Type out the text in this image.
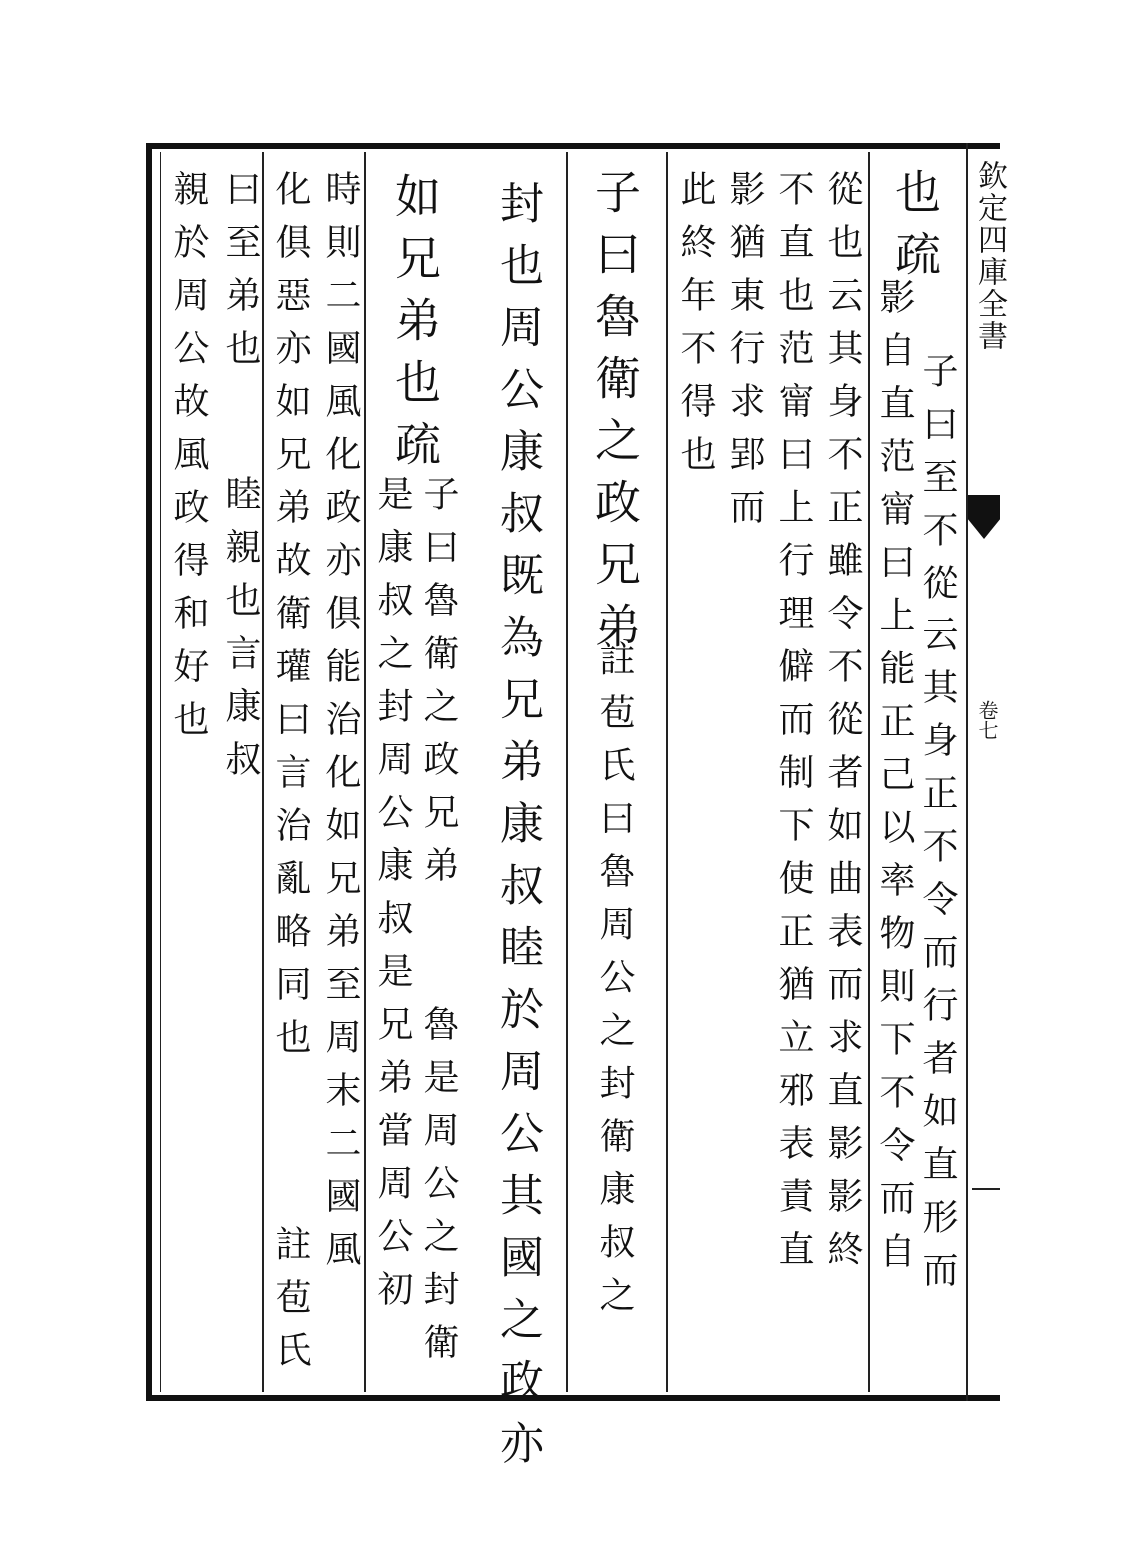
欽定四庫全書
卷七
也疏
子曰至不從
云其身正不令而行者如直形而
影自直范甯曰上能正己以率物則下不令而自
從也云其身不正雖令不從者如曲表而求直影影終
不直也范甯曰上行理僻而制下使正猶立邪表責直
影猶東行求郢而
此終年不得也
子曰魯衛之政兄弟
註苞氏曰魯周公之封衛康叔之
封也周公康叔既為兄弟康叔睦於周公其國之政亦
如兄弟也疏
子曰魯衛之政兄弟
魯是周公之封衛
是康叔之封周公康叔是兄弟當周公初
時則二國風化政亦俱能治化如兄弟至周末二國風
化俱惡亦如兄弟故衛瓘曰言治亂略同也
註苞氏
曰至弟也
睦親也言康叔
親於周公故風政得和好也
